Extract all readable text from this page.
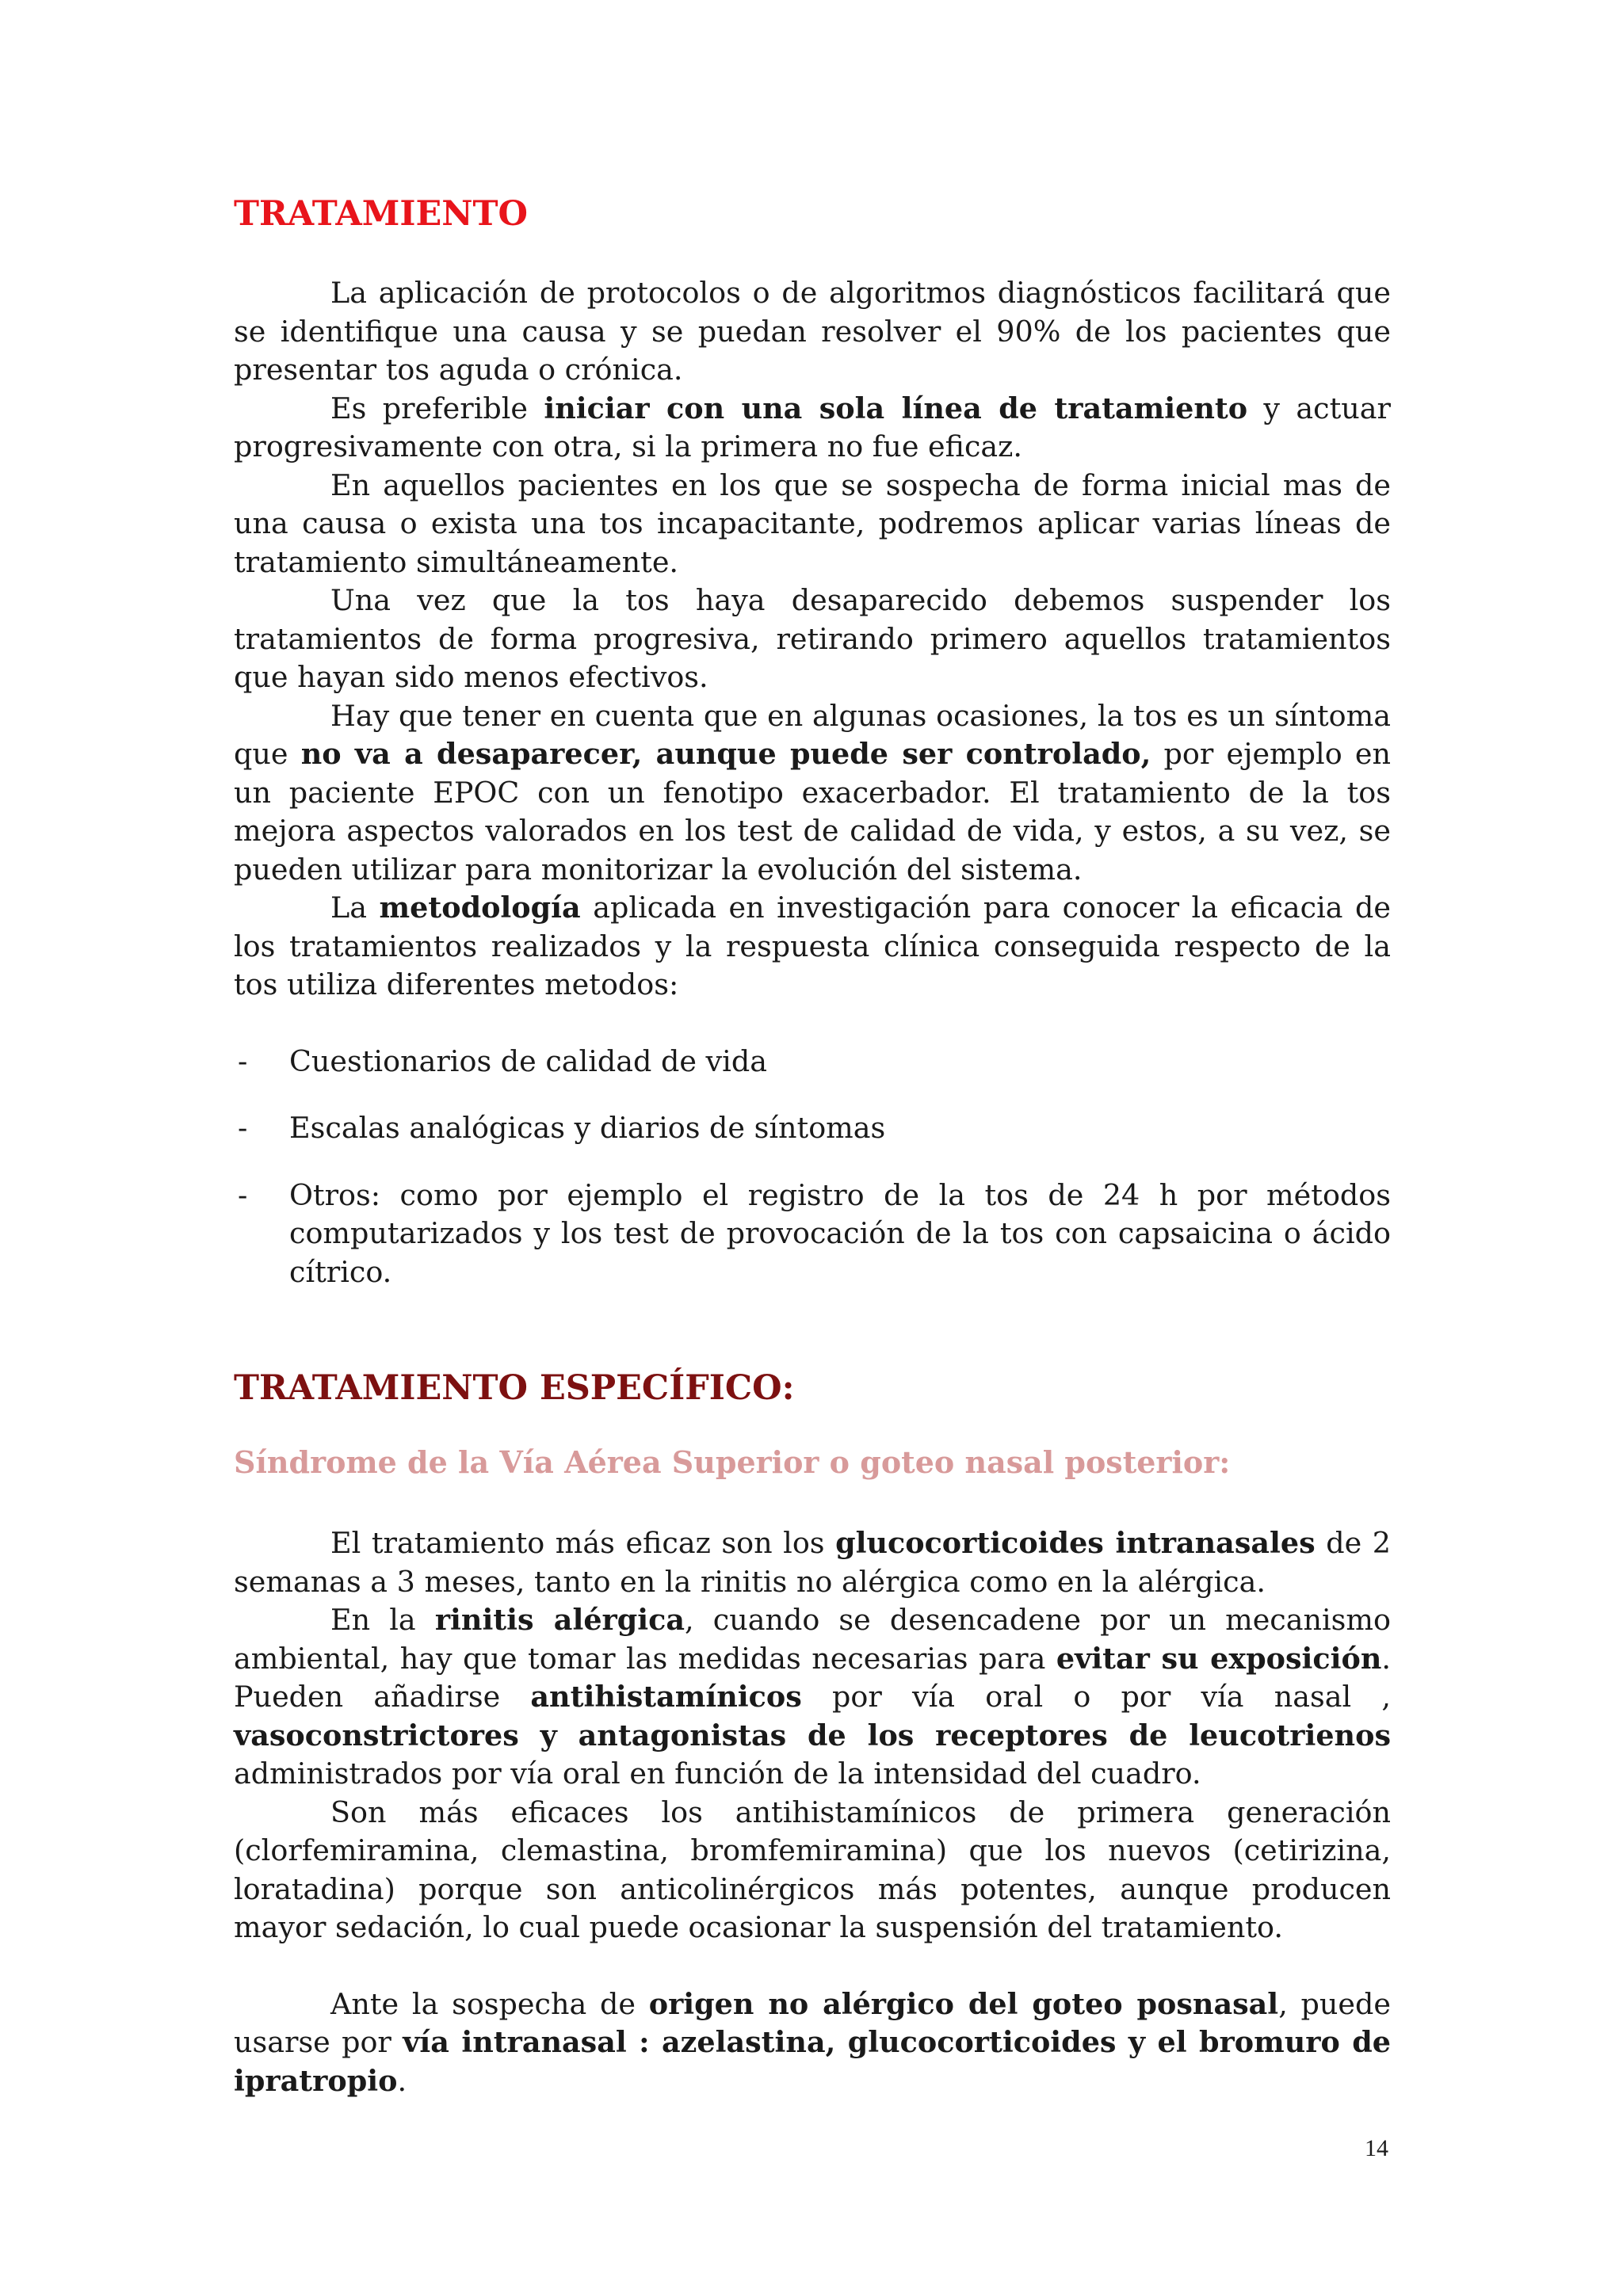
TRATAMIENTO

La aplicación de protocolos o de algoritmos diagnósticos facilitará que se identifique una causa y se puedan resolver el 90% de los pacientes que presentar tos aguda o crónica.

Es preferible iniciar con una sola línea de tratamiento y actuar progresivamente con otra, si la primera no fue eficaz.

En aquellos pacientes en los que se sospecha de forma inicial mas de una causa o exista una tos incapacitante, podremos aplicar varias líneas de tratamiento simultáneamente.

Una vez que la tos haya desaparecido debemos suspender los tratamientos de forma progresiva, retirando primero aquellos tratamientos que hayan sido menos efectivos.

Hay que tener en cuenta que en algunas ocasiones, la tos es un síntoma que no va a desaparecer, aunque puede ser controlado, por ejemplo en un paciente EPOC con un fenotipo exacerbador. El tratamiento de la tos mejora aspectos valorados en los test de calidad de vida, y estos, a su vez, se pueden utilizar para monitorizar la evolución del sistema.

La metodología aplicada en investigación para conocer la eficacia de los tratamientos realizados y la respuesta clínica conseguida respecto de la tos utiliza diferentes metodos:

- Cuestionarios de calidad de vida
- Escalas analógicas y diarios de síntomas
- Otros: como por ejemplo el registro de la tos de 24 h por métodos computarizados y los test de provocación de la tos con capsaicina o ácido cítrico.
TRATAMIENTO ESPECÍFICO:
Síndrome de la Vía Aérea Superior o goteo nasal posterior:

El tratamiento más eficaz son los glucocorticoides intranasales de 2 semanas a 3 meses, tanto en la rinitis no alérgica como en la alérgica.

En la rinitis alérgica, cuando se desencadene por un mecanismo ambiental, hay que tomar las medidas necesarias para evitar su exposición. Pueden añadirse antihistamínicos por vía oral o por vía nasal , vasoconstrictores y antagonistas de los receptores de leucotrienos administrados por vía oral en función de la intensidad del cuadro.

Son más eficaces los antihistamínicos de primera generación (clorfemiramina, clemastina, bromfemiramina) que los nuevos (cetirizina, loratadina) porque son anticolinérgicos más potentes, aunque producen mayor sedación, lo cual puede ocasionar la suspensión del tratamiento.

Ante la sospecha de origen no alérgico del goteo posnasal, puede usarse por vía intranasal : azelastina, glucocorticoides y el bromuro de ipratropio.

14
